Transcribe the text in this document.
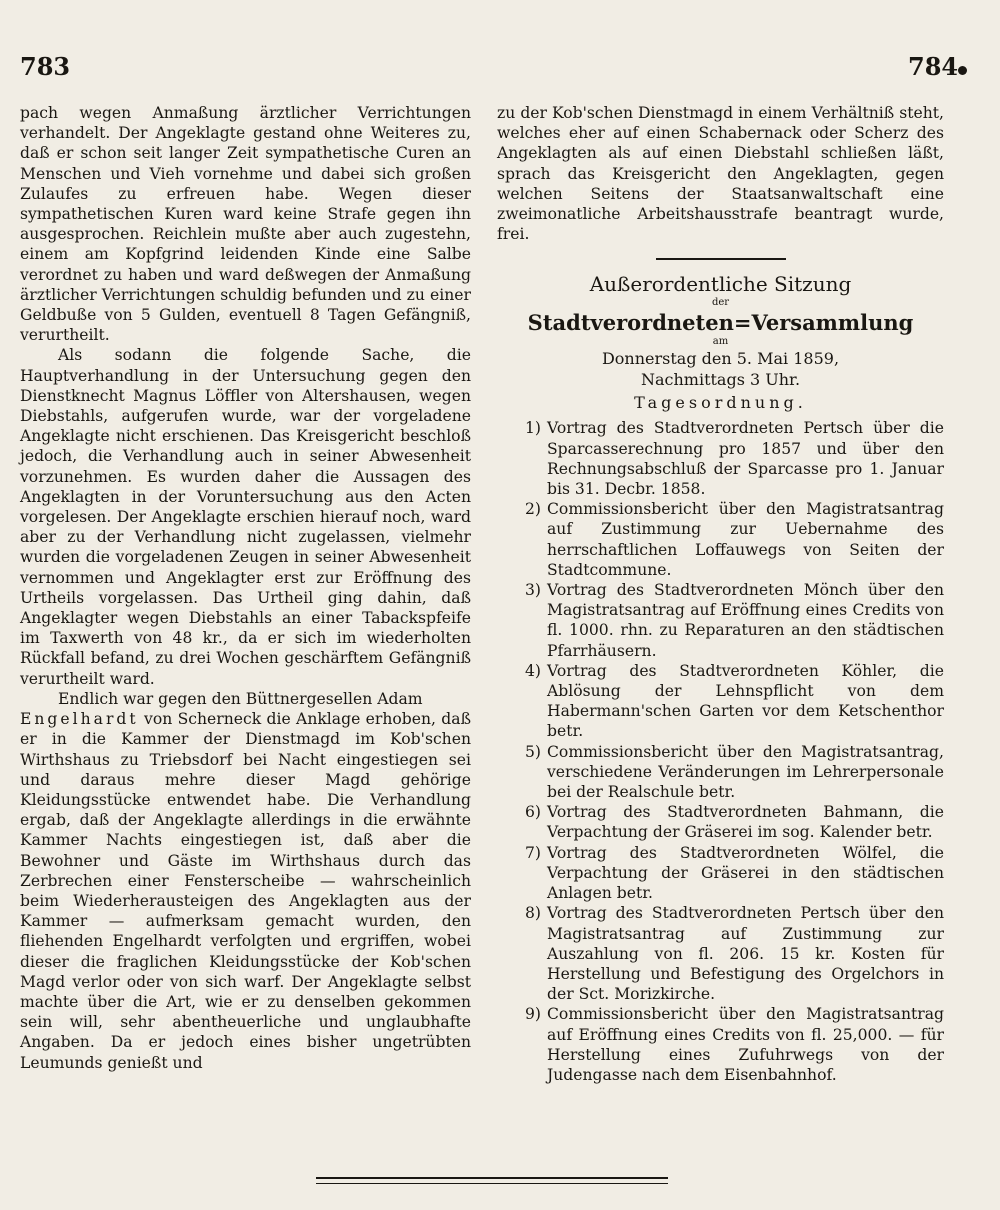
783	784

pach wegen Anmaßung ärztlicher Verrichtungen verhandelt. Der Angeklagte gestand ohne Weiteres zu, daß er schon seit langer Zeit sympathetische Curen an Menschen und Vieh vornehme und dabei sich großen Zulaufes zu erfreuen habe. Wegen dieser sympathetischen Kuren ward keine Strafe gegen ihn ausgesprochen. Reichlein mußte aber auch zugestehn, einem am Kopfgrind leidenden Kinde eine Salbe verordnet zu haben und ward deßwegen der Anmaßung ärztlicher Verrichtungen schuldig befunden und zu einer Geldbuße von 5 Gulden, eventuell 8 Tagen Gefängniß, verurtheilt.

Als sodann die folgende Sache, die Hauptverhandlung in der Untersuchung gegen den Dienstknecht Magnus Löffler von Altershausen, wegen Diebstahls, aufgerufen wurde, war der vorgeladene Angeklagte nicht erschienen. Das Kreisgericht beschloß jedoch, die Verhandlung auch in seiner Abwesenheit vorzunehmen. Es wurden daher die Aussagen des Angeklagten in der Voruntersuchung aus den Acten vorgelesen. Der Angeklagte erschien hierauf noch, ward aber zu der Verhandlung nicht zugelassen, vielmehr wurden die vorgeladenen Zeugen in seiner Abwesenheit vernommen und Angeklagter erst zur Eröffnung des Urtheils vorgelassen. Das Urtheil ging dahin, daß Angeklagter wegen Diebstahls an einer Tabackspfeife im Taxwerth von 48 kr., da er sich im wiederholten Rückfall befand, zu drei Wochen geschärftem Gefängniß verurtheilt ward.

Endlich war gegen den Büttnergesellen Adam
Engelhardt von Scherneck die Anklage erhoben, daß er in die Kammer der Dienstmagd im Kob'schen Wirthshaus zu Triebsdorf bei Nacht eingestiegen sei und daraus mehre dieser Magd gehörige Kleidungsstücke entwendet habe. Die Verhandlung ergab, daß der Angeklagte allerdings in die erwähnte Kammer Nachts eingestiegen ist, daß aber die Bewohner und Gäste im Wirthshaus durch das Zerbrechen einer Fensterscheibe — wahrscheinlich beim Wiederherausteigen des Angeklagten aus der Kammer — aufmerksam gemacht wurden, den fliehenden Engelhardt verfolgten und ergriffen, wobei dieser die fraglichen Kleidungsstücke der Kob'schen Magd verlor oder von sich warf. Der Angeklagte selbst machte über die Art, wie er zu denselben gekommen sein will, sehr abentheuerliche und unglaubhafte Angaben. Da er jedoch eines bisher ungetrübten Leumunds genießt und

zu der Kob'schen Dienstmagd in einem Verhältniß steht, welches eher auf einen Schabernack oder Scherz des Angeklagten als auf einen Diebstahl schließen läßt, sprach das Kreisgericht den Angeklagten, gegen welchen Seitens der Staatsanwaltschaft eine zweimonatliche Arbeitshausstrafe beantragt wurde, frei.

Außerordentliche Sitzung
der
Stadtverordneten=Versammlung
am
Donnerstag den 5. Mai 1859,
Nachmittags 3 Uhr.
Tagesordnung.
1) Vortrag des Stadtverordneten Pertsch über die Sparcasserechnung pro 1857 und über den Rechnungsabschluß der Sparcasse pro 1. Januar bis 31. Decbr. 1858.
2) Commissionsbericht über den Magistratsantrag auf Zustimmung zur Uebernahme des herrschaftlichen Loffauwegs von Seiten der Stadtcommune.
3) Vortrag des Stadtverordneten Mönch über den Magistratsantrag auf Eröffnung eines Credits von fl. 1000. rhn. zu Reparaturen an den städtischen Pfarrhäusern.
4) Vortrag des Stadtverordneten Köhler, die Ablösung der Lehnspflicht von dem Habermann'schen Garten vor dem Ketschenthor betr.
5) Commissionsbericht über den Magistratsantrag, verschiedene Veränderungen im Lehrerpersonale bei der Realschule betr.
6) Vortrag des Stadtverordneten Bahmann, die Verpachtung der Gräserei im sog. Kalender betr.
7) Vortrag des Stadtverordneten Wölfel, die Verpachtung der Gräserei in den städtischen Anlagen betr.
8) Vortrag des Stadtverordneten Pertsch über den Magistratsantrag auf Zustimmung zur Auszahlung von fl. 206. 15 kr. Kosten für Herstellung und Befestigung des Orgelchors in der Sct. Morizkirche.
9) Commissionsbericht über den Magistratsantrag auf Eröffnung eines Credits von fl. 25,000. — für Herstellung eines Zufuhrwegs von der Judengasse nach dem Eisenbahnhof.
